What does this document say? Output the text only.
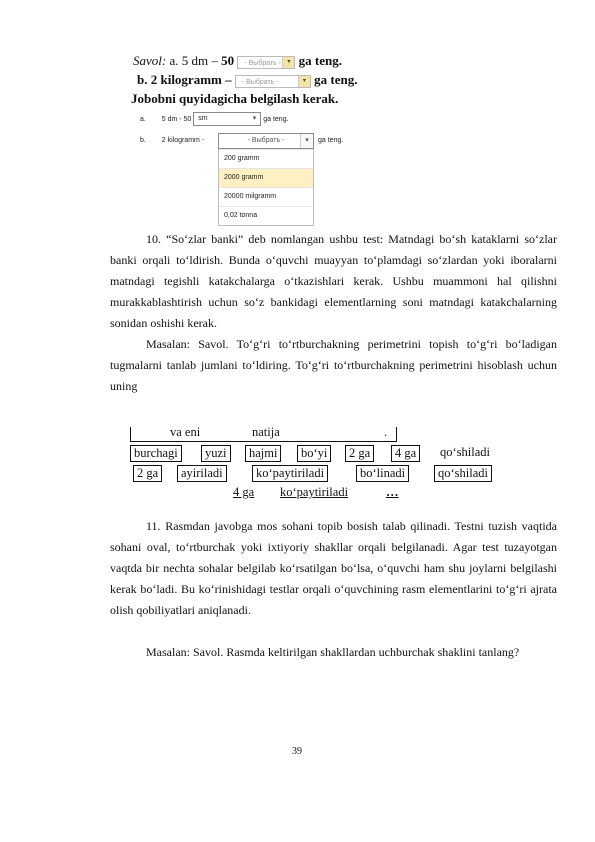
Savol: a. 5 dm – 50 - Выбрать -	▾ ga teng.
b. 2 kilogramm – - Выбрать -	▾ ga teng.
Jobobni quyidagicha belgilash kerak.
a. 5 dm - 50 sm	▾ ga teng.
b. 2 kilogramm -	- Выбрать -	▾
200 gramm
2000 gramm
20000 milgramm
0,02 tonna
ga teng.
10. “So‘zlar banki” deb nomlangan ushbu test: Matndagi bo‘sh kataklarni so‘zlar banki orqali to‘ldirish. Bunda o‘quvchi muayyan to‘plamdagi so‘zlardan yoki iboralarni matndagi tegishli katakchalarga o‘tkazishlari kerak. Ushbu muammoni hal qilishni murakkablashtirish uchun so‘z bankidagi elementlarning soni matndagi katakchalarning sonidan oshishi kerak.
Masalan: Savol. To‘g‘ri to‘rtburchakning perimetrini topish to‘g‘ri bo‘ladigan tugmalarni tanlab jumlani to‘ldiring. To‘g‘ri to‘rtburchakning perimetrini hisoblash uchun uning
va eni	natija	.
burchagi	yuzi	hajmi	bo‘yi	2 ga	4 ga	qo‘shiladi
2 ga	ayiriladi	ko‘paytiriladi	bo‘linadi	qo‘shiladi
4 ga ko‘paytiriladi	…
11. Rasmdan javobga mos sohani topib bosish talab qilinadi. Testni tuzish vaqtida sohani oval, to‘rtburchak yoki ixtiyoriy shakllar orqali belgilanadi. Agar test tuzayotgan vaqtda bir nechta sohalar belgilab ko‘rsatilgan bo‘lsa, o‘quvchi ham shu joylarni belgilashi kerak bo‘ladi. Bu ko‘rinishidagi testlar orqali o‘quvchining rasm elementlarini to‘g‘ri ajrata olish qobiliyatlari aniqlanadi.
Masalan: Savol. Rasmda keltirilgan shakllardan uchburchak shaklini tanlang?
39
